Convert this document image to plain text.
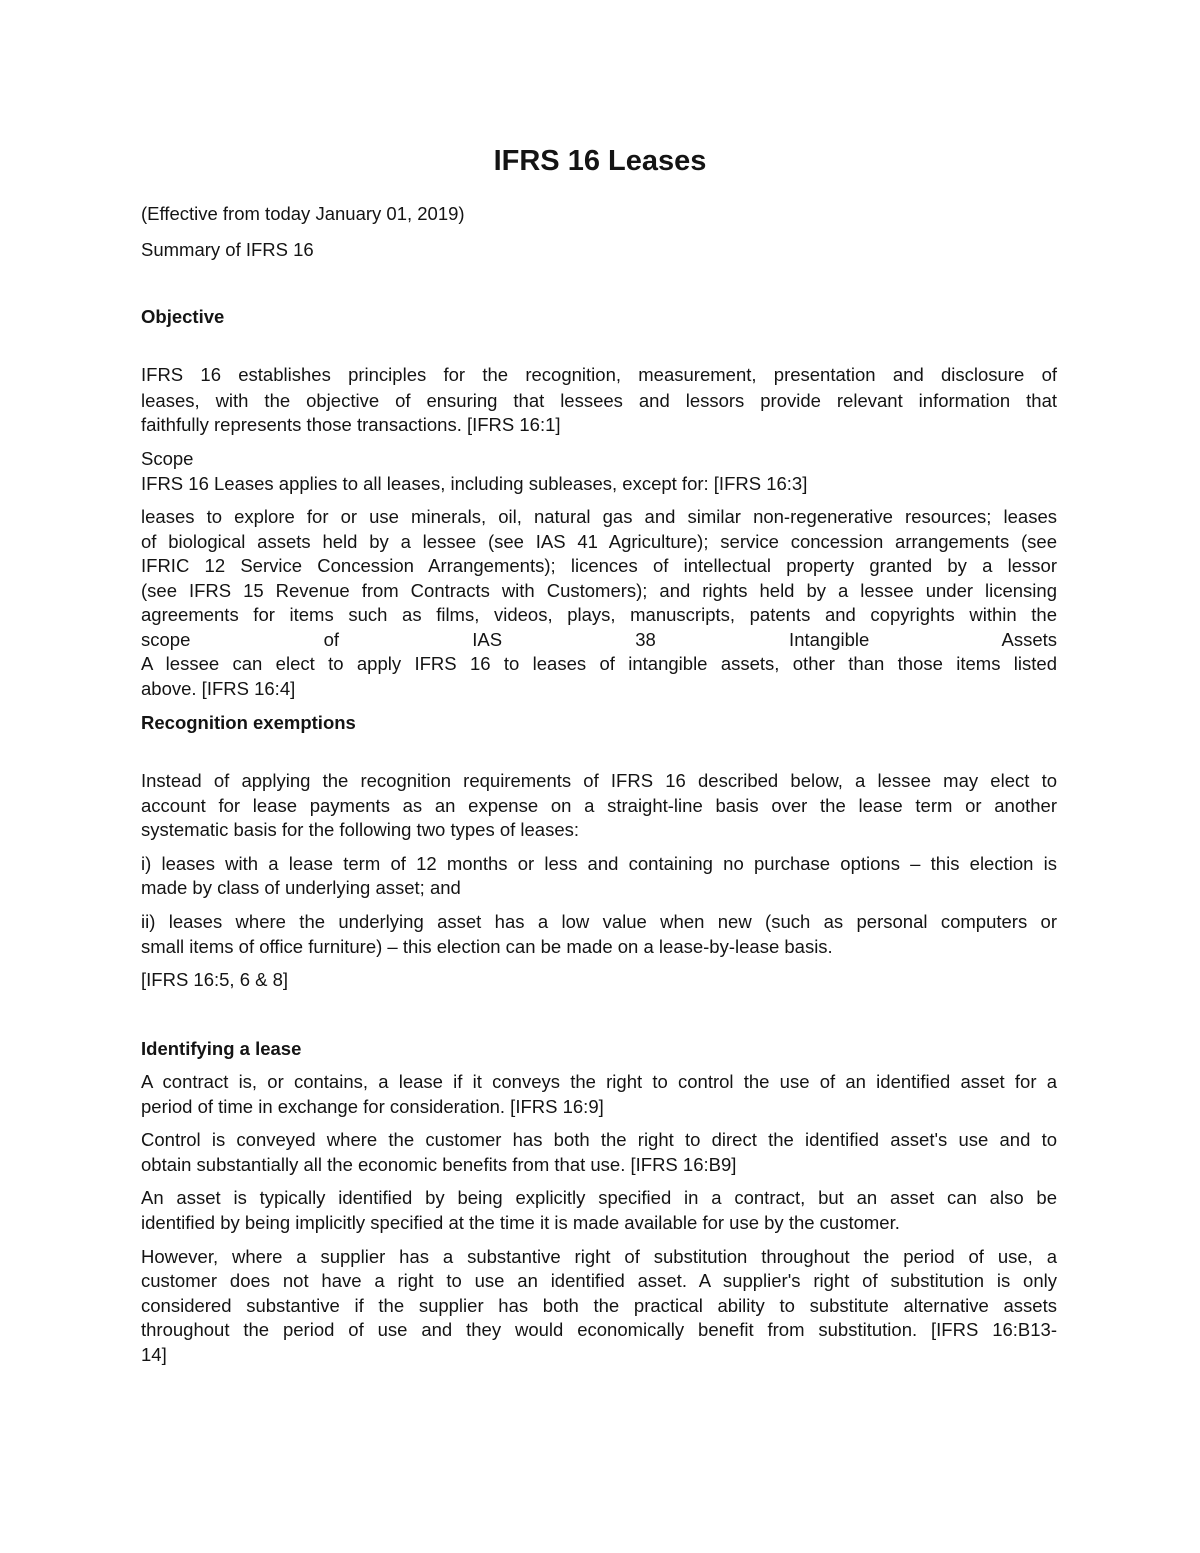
IFRS 16 Leases
(Effective from today January 01, 2019)
Summary of IFRS 16
Objective
IFRS 16 establishes principles for the recognition, measurement, presentation and disclosure of
leases, with the objective of ensuring that lessees and lessors provide relevant information that
faithfully represents those transactions. [IFRS 16:1]
Scope
IFRS 16 Leases applies to all leases, including subleases, except for: [IFRS 16:3]
leases to explore for or use minerals, oil, natural gas and similar non-regenerative resources; leases
of biological assets held by a lessee (see IAS 41 Agriculture); service concession arrangements (see
IFRIC 12 Service Concession Arrangements); licences of intellectual property granted by a lessor
(see IFRS 15 Revenue from Contracts with Customers); and rights held by a lessee under licensing
agreements for items such as films, videos, plays, manuscripts, patents and copyrights within the
scope of IAS 38 Intangible Assets
A lessee can elect to apply IFRS 16 to leases of intangible assets, other than those items listed
above. [IFRS 16:4]
Recognition exemptions
Instead of applying the recognition requirements of IFRS 16 described below, a lessee may elect to
account for lease payments as an expense on a straight-line basis over the lease term or another
systematic basis for the following two types of leases:
i) leases with a lease term of 12 months or less and containing no purchase options – this election is
made by class of underlying asset; and
ii) leases where the underlying asset has a low value when new (such as personal computers or
small items of office furniture) – this election can be made on a lease-by-lease basis.
[IFRS 16:5, 6 & 8]
Identifying a lease
A contract is, or contains, a lease if it conveys the right to control the use of an identified asset for a
period of time in exchange for consideration. [IFRS 16:9]
Control is conveyed where the customer has both the right to direct the identified asset's use and to
obtain substantially all the economic benefits from that use. [IFRS 16:B9]
An asset is typically identified by being explicitly specified in a contract, but an asset can also be
identified by being implicitly specified at the time it is made available for use by the customer.
However, where a supplier has a substantive right of substitution throughout the period of use, a
customer does not have a right to use an identified asset. A supplier's right of substitution is only
considered substantive if the supplier has both the practical ability to substitute alternative assets
throughout the period of use and they would economically benefit from substitution. [IFRS 16:B13-
14]
